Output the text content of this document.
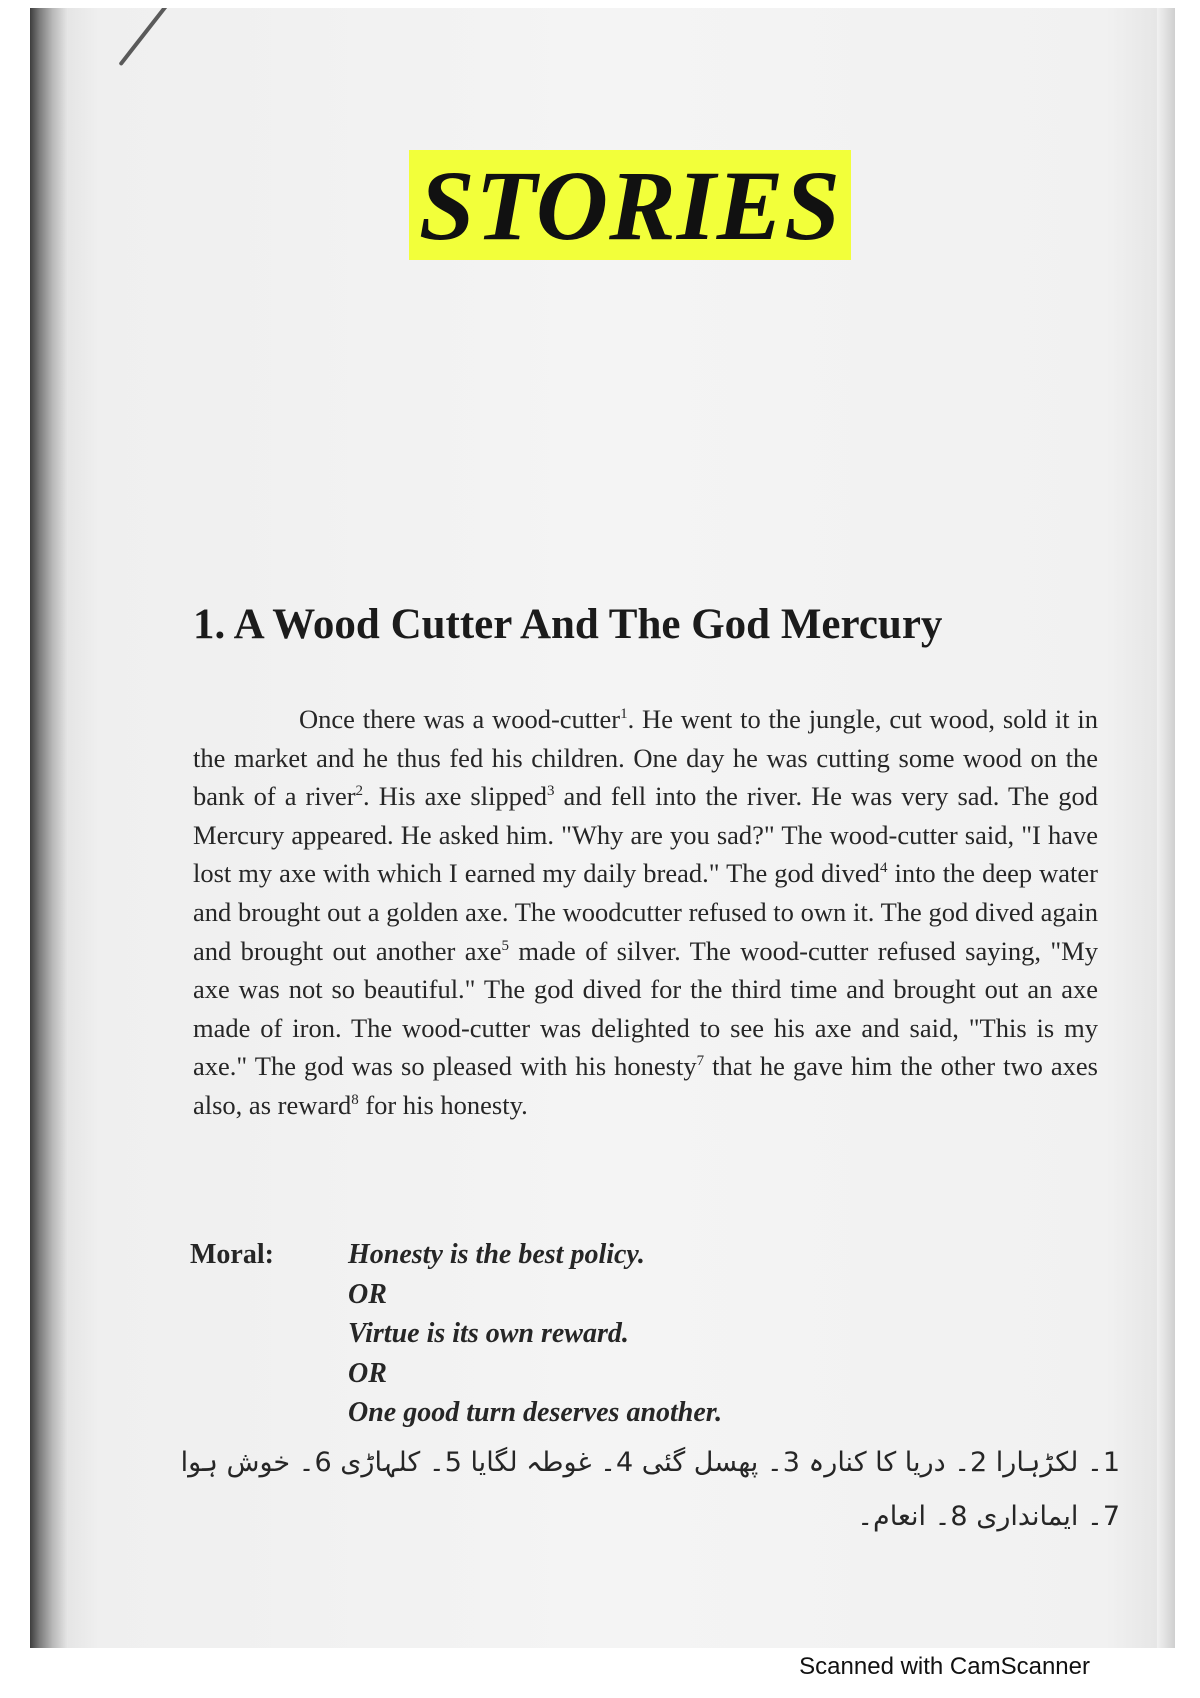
STORIES
1. A Wood Cutter And The God Mercury

Once there was a wood-cutter$^1$. He went to the jungle, cut wood, sold it in the market and he thus fed his children. One day he was cutting some wood on the bank of a river$^2$. His axe slipped$^3$ and fell into the river. He was very sad. The god Mercury appeared. He asked him. "Why are you sad?" The wood-cutter said, "I have lost my axe with which I earned my daily bread." The god dived$^4$ into the deep water and brought out a golden axe. The woodcutter refused to own it. The god dived again and brought out another axe$^5$ made of silver. The wood-cutter refused saying, "My axe was not so beautiful." The god dived for the third time and brought out an axe made of iron. The wood-cutter was delighted to see his axe and said, "This is my axe." The god was so pleased with his honesty$^7$ that he gave him the other two axes also, as reward$^8$ for his honesty.

Moral:	Honesty is the best policy.
OR
Virtue is its own reward.
OR
One good turn deserves another.
1۔ لکڑہارا 2۔ دریا کا کنارہ 3۔ پھسل گئی 4۔ غوطہ لگایا 5۔ کلہاڑی 6۔ خوش ہوا
7۔ ایمانداری 8۔ انعام۔
Scanned with CamScanner
